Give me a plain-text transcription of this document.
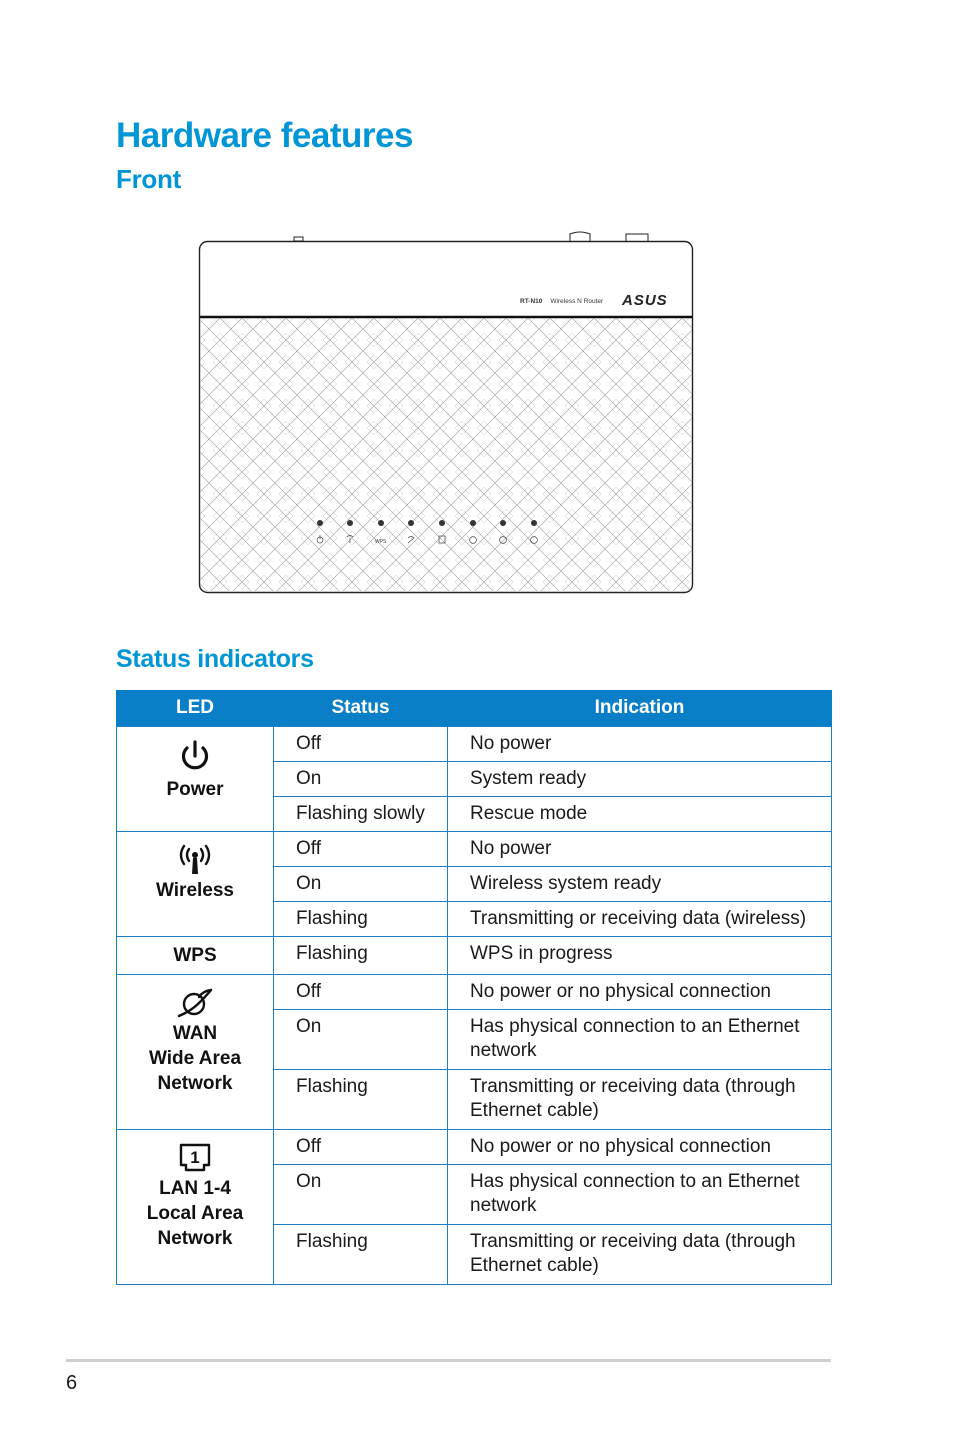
Hardware features
Front
WPS
RT-N10 Wireless N Router ASUS
Status indicators
LED	Status	Indication

Power	Off	No power
	On	System ready
	Flashing slowly	Rescue mode

Wireless	Off	No power
	On	Wireless system ready
	Flashing	Transmitting or receiving data (wireless)

WPS	Flashing	WPS in progress

WAN
Wide Area
Network	Off	No power or no physical connection
	On	Has physical connection to an Ethernet network
	Flashing	Transmitting or receiving data (through Ethernet cable)

1
LAN 1-4
Local Area
Network	Off	No power or no physical connection
	On	Has physical connection to an Ethernet network
	Flashing	Transmitting or receiving data (through Ethernet cable)
6
